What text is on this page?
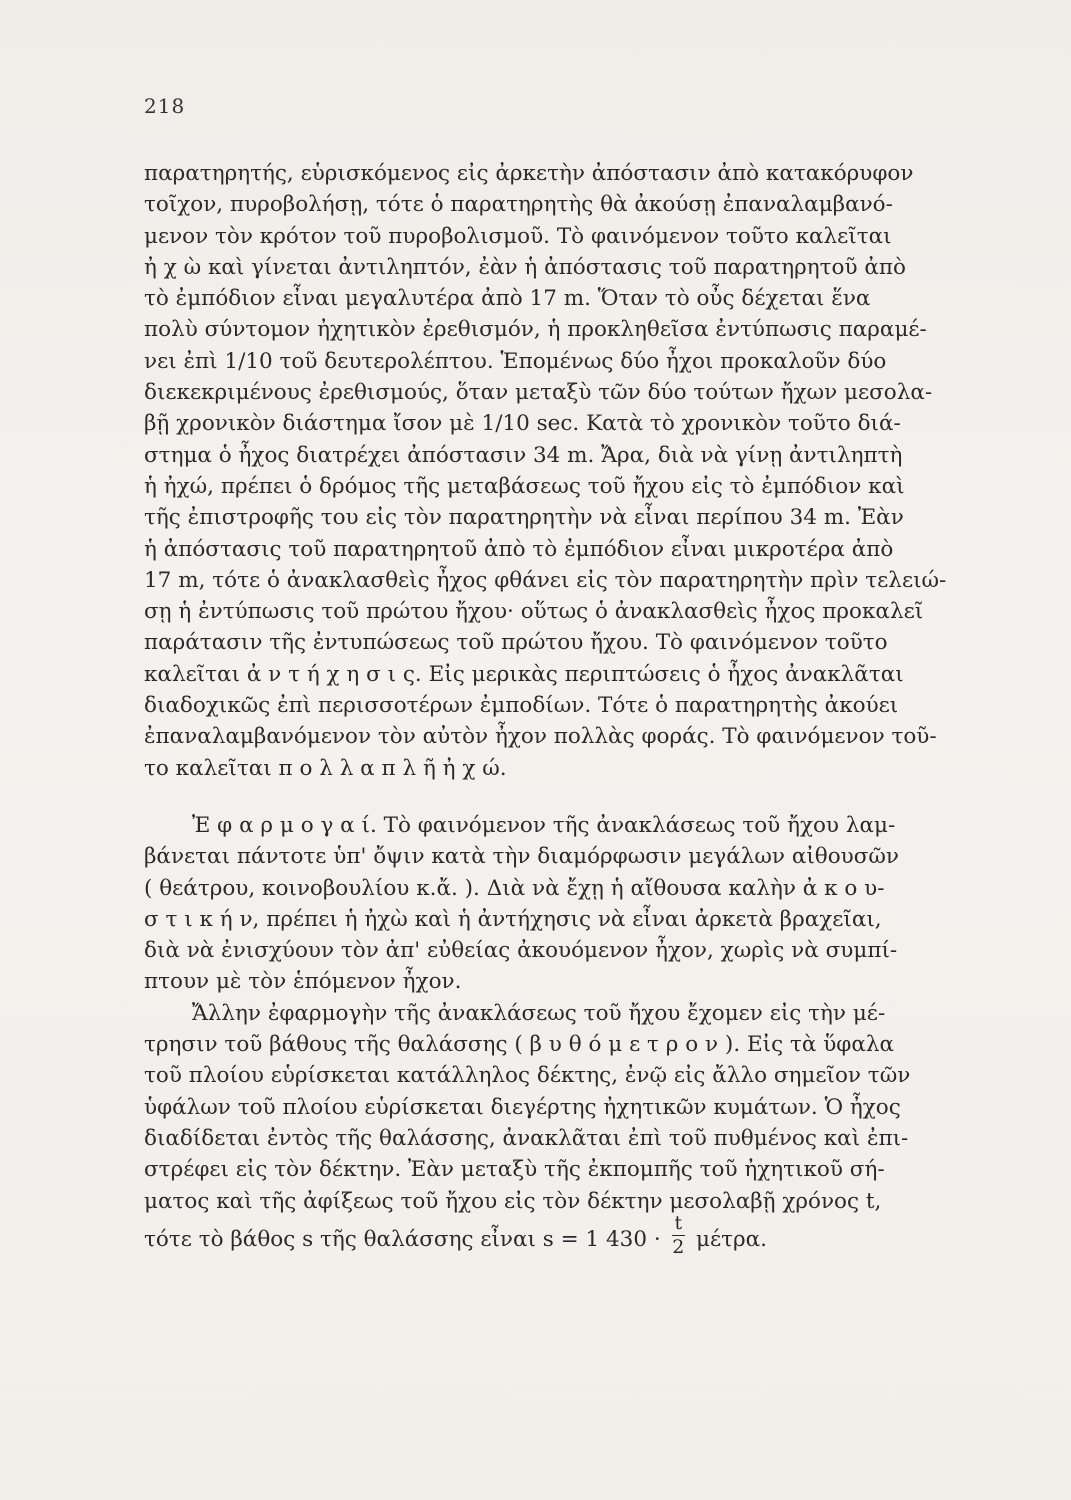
218
παρατηρητής, εὑρισκόμενος εἰς ἀρκετὴν ἀπόστασιν ἀπὸ κατακόρυφον
τοῖχον, πυροβολήσῃ, τότε ὁ παρατηρητὴς θὰ ἀκούσῃ ἐπαναλαμβανό-
μενον τὸν κρότον τοῦ πυροβολισμοῦ. Τὸ φαινόμενον τοῦτο καλεῖται
ἠ χ ὼ καὶ γίνεται ἀντιληπτόν, ἐὰν ἡ ἀπόστασις τοῦ παρατηρητοῦ ἀπὸ
τὸ ἐμπόδιον εἶναι μεγαλυτέρα ἀπὸ 17 m. Ὅταν τὸ οὖς δέχεται ἕνα
πολὺ σύντομον ἠχητικὸν ἐρεθισμόν, ἡ προκληθεῖσα ἐντύπωσις παραμέ-
νει ἐπὶ 1/10 τοῦ δευτερολέπτου. Ἑπομένως δύο ἦχοι προκαλοῦν δύο
διεκεκριμένους ἐρεθισμούς, ὅταν μεταξὺ τῶν δύο τούτων ἤχων μεσολα-
βῇ χρονικὸν διάστημα ἴσον μὲ 1/10 sec. Κατὰ τὸ χρονικὸν τοῦτο διά-
στημα ὁ ἦχος διατρέχει ἀπόστασιν 34 m. Ἄρα, διὰ νὰ γίνῃ ἀντιληπτὴ
ἡ ἠχώ, πρέπει ὁ δρόμος τῆς μεταβάσεως τοῦ ἤχου εἰς τὸ ἐμπόδιον καὶ
τῆς ἐπιστροφῆς του εἰς τὸν παρατηρητὴν νὰ εἶναι περίπου 34 m. Ἐὰν
ἡ ἀπόστασις τοῦ παρατηρητοῦ ἀπὸ τὸ ἐμπόδιον εἶναι μικροτέρα ἀπὸ
17 m, τότε ὁ ἀνακλασθεὶς ἦχος φθάνει εἰς τὸν παρατηρητὴν πρὶν τελειώ-
σῃ ἡ ἐντύπωσις τοῦ πρώτου ἤχου· οὕτως ὁ ἀνακλασθεὶς ἦχος προκαλεῖ
παράτασιν τῆς ἐντυπώσεως τοῦ πρώτου ἤχου. Τὸ φαινόμενον τοῦτο
καλεῖται ἀ ν τ ή χ η σ ι ς. Εἰς μερικὰς περιπτώσεις ὁ ἦχος ἀνακλᾶται
διαδοχικῶς ἐπὶ περισσοτέρων ἐμποδίων. Τότε ὁ παρατηρητὴς ἀκούει
ἐπαναλαμβανόμενον τὸν αὐτὸν ἦχον πολλὰς φοράς. Τὸ φαινόμενον τοῦ-
το καλεῖται π ο λ λ α π λ ῆ ἠ χ ώ.
Ἐ φ α ρ μ ο γ α ί. Τὸ φαινόμενον τῆς ἀνακλάσεως τοῦ ἤχου λαμ-
βάνεται πάντοτε ὑπ' ὄψιν κατὰ τὴν διαμόρφωσιν μεγάλων αἰθουσῶν
( θεάτρου, κοινοβουλίου κ.ἄ. ). Διὰ νὰ ἔχῃ ἡ αἴθουσα καλὴν ἀ κ ο υ-
σ τ ι κ ή ν, πρέπει ἡ ἠχὼ καὶ ἡ ἀντήχησις νὰ εἶναι ἀρκετὰ βραχεῖαι,
διὰ νὰ ἐνισχύουν τὸν ἀπ' εὐθείας ἀκουόμενον ἦχον, χωρὶς νὰ συμπί-
πτουν μὲ τὸν ἑπόμενον ἦχον.
Ἄλλην ἐφαρμογὴν τῆς ἀνακλάσεως τοῦ ἤχου ἔχομεν εἰς τὴν μέ-
τρησιν τοῦ βάθους τῆς θαλάσσης ( β υ θ ό μ ε τ ρ ο ν ). Εἰς τὰ ὕφαλα
τοῦ πλοίου εὑρίσκεται κατάλληλος δέκτης, ἐνῷ εἰς ἄλλο σημεῖον τῶν
ὑφάλων τοῦ πλοίου εὑρίσκεται διεγέρτης ἠχητικῶν κυμάτων. Ὁ ἦχος
διαδίδεται ἐντὸς τῆς θαλάσσης, ἀνακλᾶται ἐπὶ τοῦ πυθμένος καὶ ἐπι-
στρέφει εἰς τὸν δέκτην. Ἐὰν μεταξὺ τῆς ἐκπομπῆς τοῦ ἠχητικοῦ σή-
ματος καὶ τῆς ἀφίξεως τοῦ ἤχου εἰς τὸν δέκτην μεσολαβῇ χρόνος t,
τότε τὸ βάθος s τῆς θαλάσσης εἶναι s = 1 $430 \cdot \frac{t}{2} \mu έ\tau\rho\alpha$.
